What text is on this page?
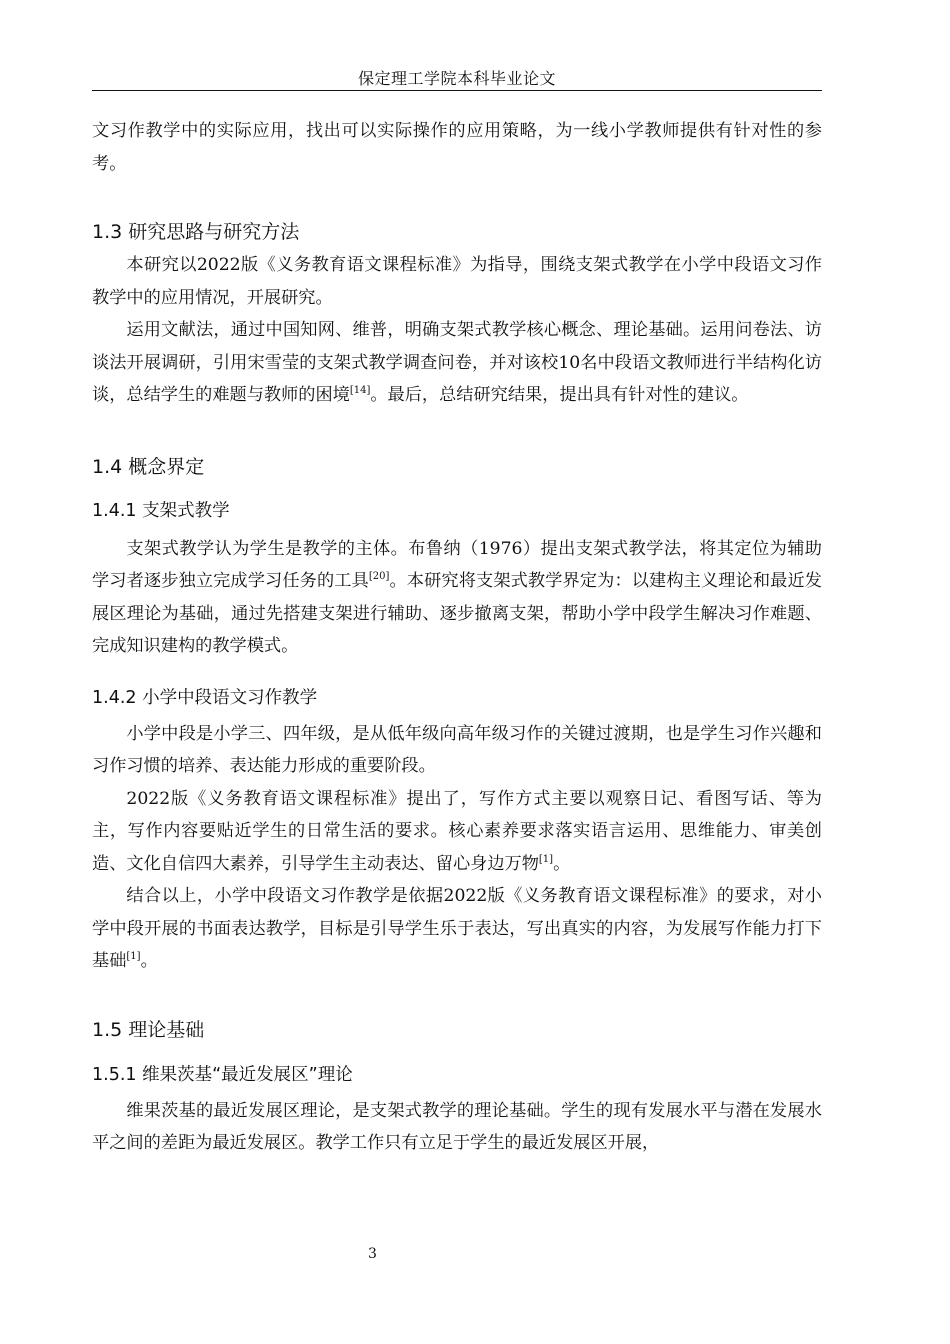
保定理工学院本科毕业论文

文习作教学中的实际应用，找出可以实际操作的应用策略，为一线小学教师提供有针对性的参考。

1.3 研究思路与研究方法

本研究以2022版《义务教育语文课程标准》为指导，围绕支架式教学在小学中段语文习作教学中的应用情况，开展研究。

运用文献法，通过中国知网、维普，明确支架式教学核心概念、理论基础。运用问卷法、访谈法开展调研，引用宋雪莹的支架式教学调查问卷，并对该校10名中段语文教师进行半结构化访谈，总结学生的难题与教师的困境[14]。最后，总结研究结果，提出具有针对性的建议。

1.4 概念界定
1.4.1 支架式教学

支架式教学认为学生是教学的主体。布鲁纳（1976）提出支架式教学法，将其定位为辅助学习者逐步独立完成学习任务的工具[20]。本研究将支架式教学界定为：以建构主义理论和最近发展区理论为基础，通过先搭建支架进行辅助、逐步撤离支架，帮助小学中段学生解决习作难题、完成知识建构的教学模式。

1.4.2 小学中段语文习作教学

小学中段是小学三、四年级，是从低年级向高年级习作的关键过渡期，也是学生习作兴趣和习作习惯的培养、表达能力形成的重要阶段。

2022版《义务教育语文课程标准》提出了，写作方式主要以观察日记、看图写话、等为主，写作内容要贴近学生的日常生活的要求。核心素养要求落实语言运用、思维能力、审美创造、文化自信四大素养，引导学生主动表达、留心身边万物[1]。

结合以上，小学中段语文习作教学是依据2022版《义务教育语文课程标准》的要求，对小学中段开展的书面表达教学，目标是引导学生乐于表达，写出真实的内容，为发展写作能力打下基础[1]。

1.5 理论基础
1.5.1 维果茨基“最近发展区”理论

维果茨基的最近发展区理论，是支架式教学的理论基础。学生的现有发展水平与潜在发展水平之间的差距为最近发展区。教学工作只有立足于学生的最近发展区开展，

3
